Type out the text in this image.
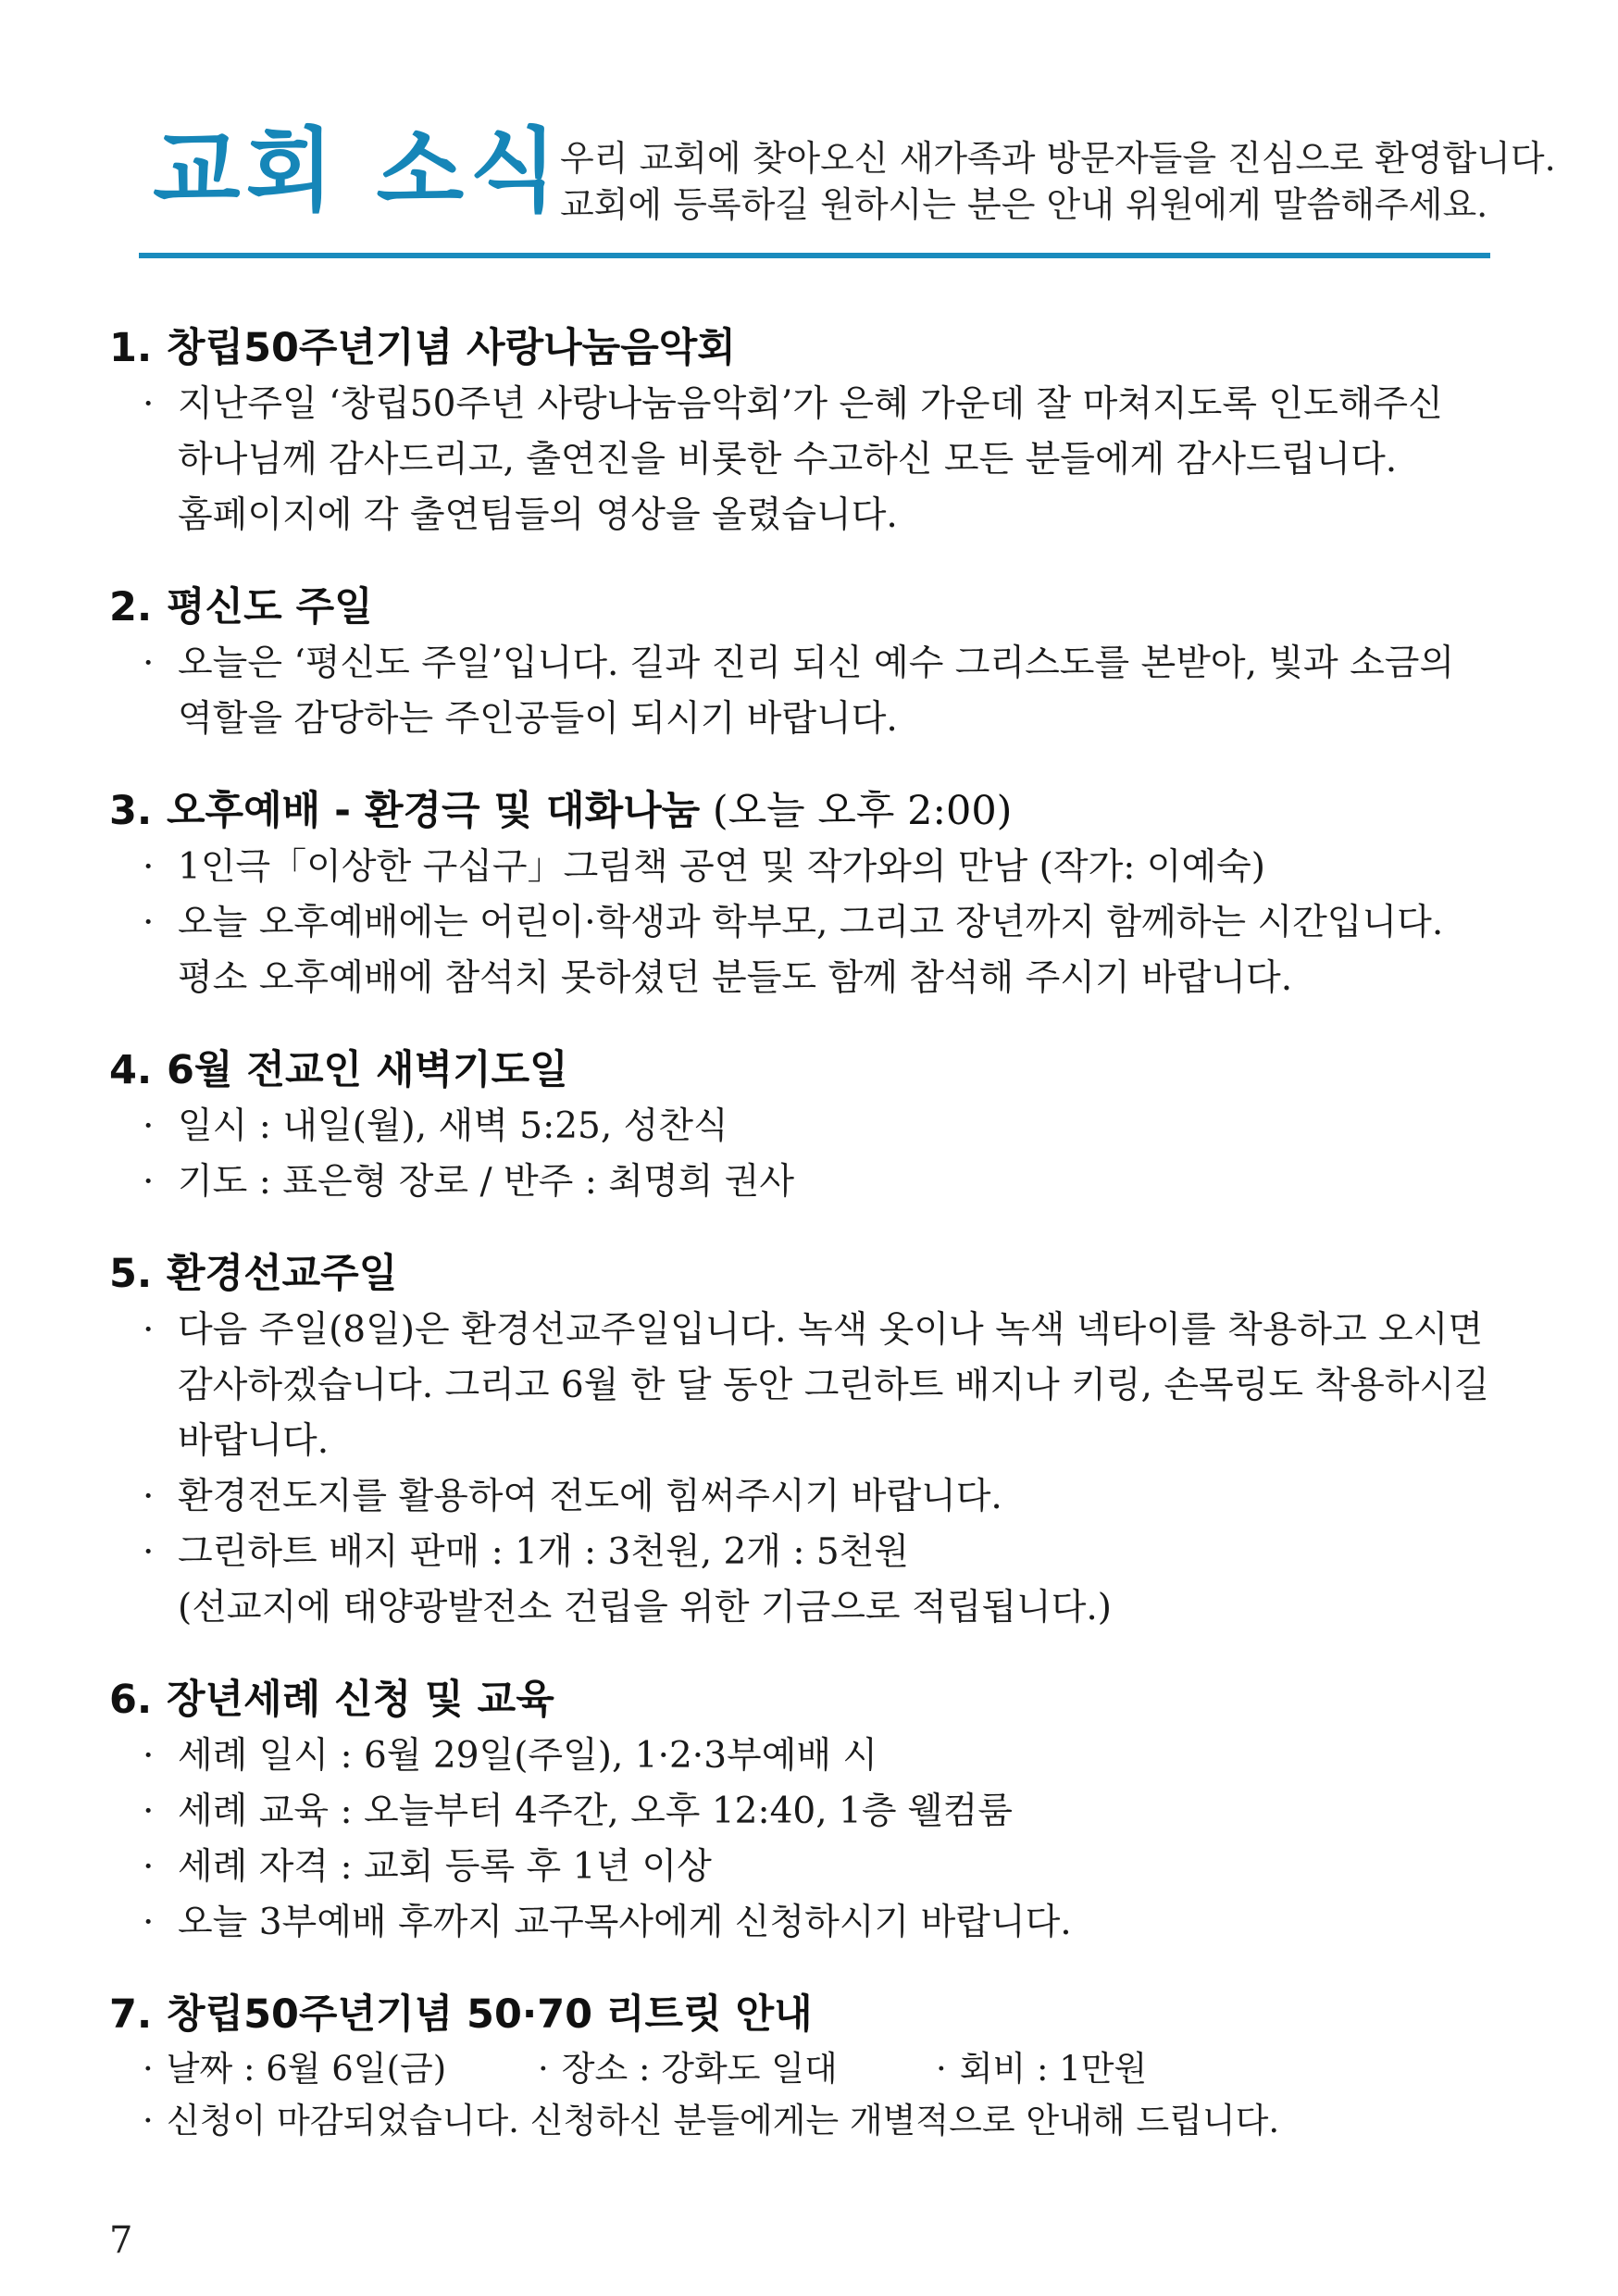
교회 소식
우리 교회에 찾아오신 새가족과 방문자들을 진심으로 환영합니다.
교회에 등록하길 원하시는 분은 안내 위원에게 말씀해주세요.
1. 창립50주년기념 사랑나눔음악회
· 지난주일 ‘창립50주년 사랑나눔음악회’가 은혜 가운데 잘 마쳐지도록 인도해주신
하나님께 감사드리고, 출연진을 비롯한 수고하신 모든 분들에게 감사드립니다.
홈페이지에 각 출연팀들의 영상을 올렸습니다.
2. 평신도 주일
· 오늘은 ‘평신도 주일’입니다. 길과 진리 되신 예수 그리스도를 본받아, 빛과 소금의
역할을 감당하는 주인공들이 되시기 바랍니다.
3. 오후예배 - 환경극 및 대화나눔 (오늘 오후 2:00)
· 1인극「이상한 구십구」그림책 공연 및 작가와의 만남 (작가: 이예숙)
· 오늘 오후예배에는 어린이·학생과 학부모, 그리고 장년까지 함께하는 시간입니다.
평소 오후예배에 참석치 못하셨던 분들도 함께 참석해 주시기 바랍니다.
4. 6월 전교인 새벽기도일
· 일시 : 내일(월), 새벽 5:25, 성찬식
· 기도 : 표은형 장로 / 반주 : 최명희 권사
5. 환경선교주일
· 다음 주일(8일)은 환경선교주일입니다. 녹색 옷이나 녹색 넥타이를 착용하고 오시면
감사하겠습니다. 그리고 6월 한 달 동안 그린하트 배지나 키링, 손목링도 착용하시길
바랍니다.
· 환경전도지를 활용하여 전도에 힘써주시기 바랍니다.
· 그린하트 배지 판매 : 1개 : 3천원, 2개 : 5천원
(선교지에 태양광발전소 건립을 위한 기금으로 적립됩니다.)
6. 장년세례 신청 및 교육
· 세례 일시 : 6월 29일(주일), 1·2·3부예배 시
· 세례 교육 : 오늘부터 4주간, 오후 12:40, 1층 웰컴룸
· 세례 자격 : 교회 등록 후 1년 이상
· 오늘 3부예배 후까지 교구목사에게 신청하시기 바랍니다.
7. 창립50주년기념 50·70 리트릿 안내
· 날짜 : 6월 6일(금)	· 장소 : 강화도 일대	· 회비 : 1만원
· 신청이 마감되었습니다. 신청하신 분들에게는 개별적으로 안내해 드립니다.
7
